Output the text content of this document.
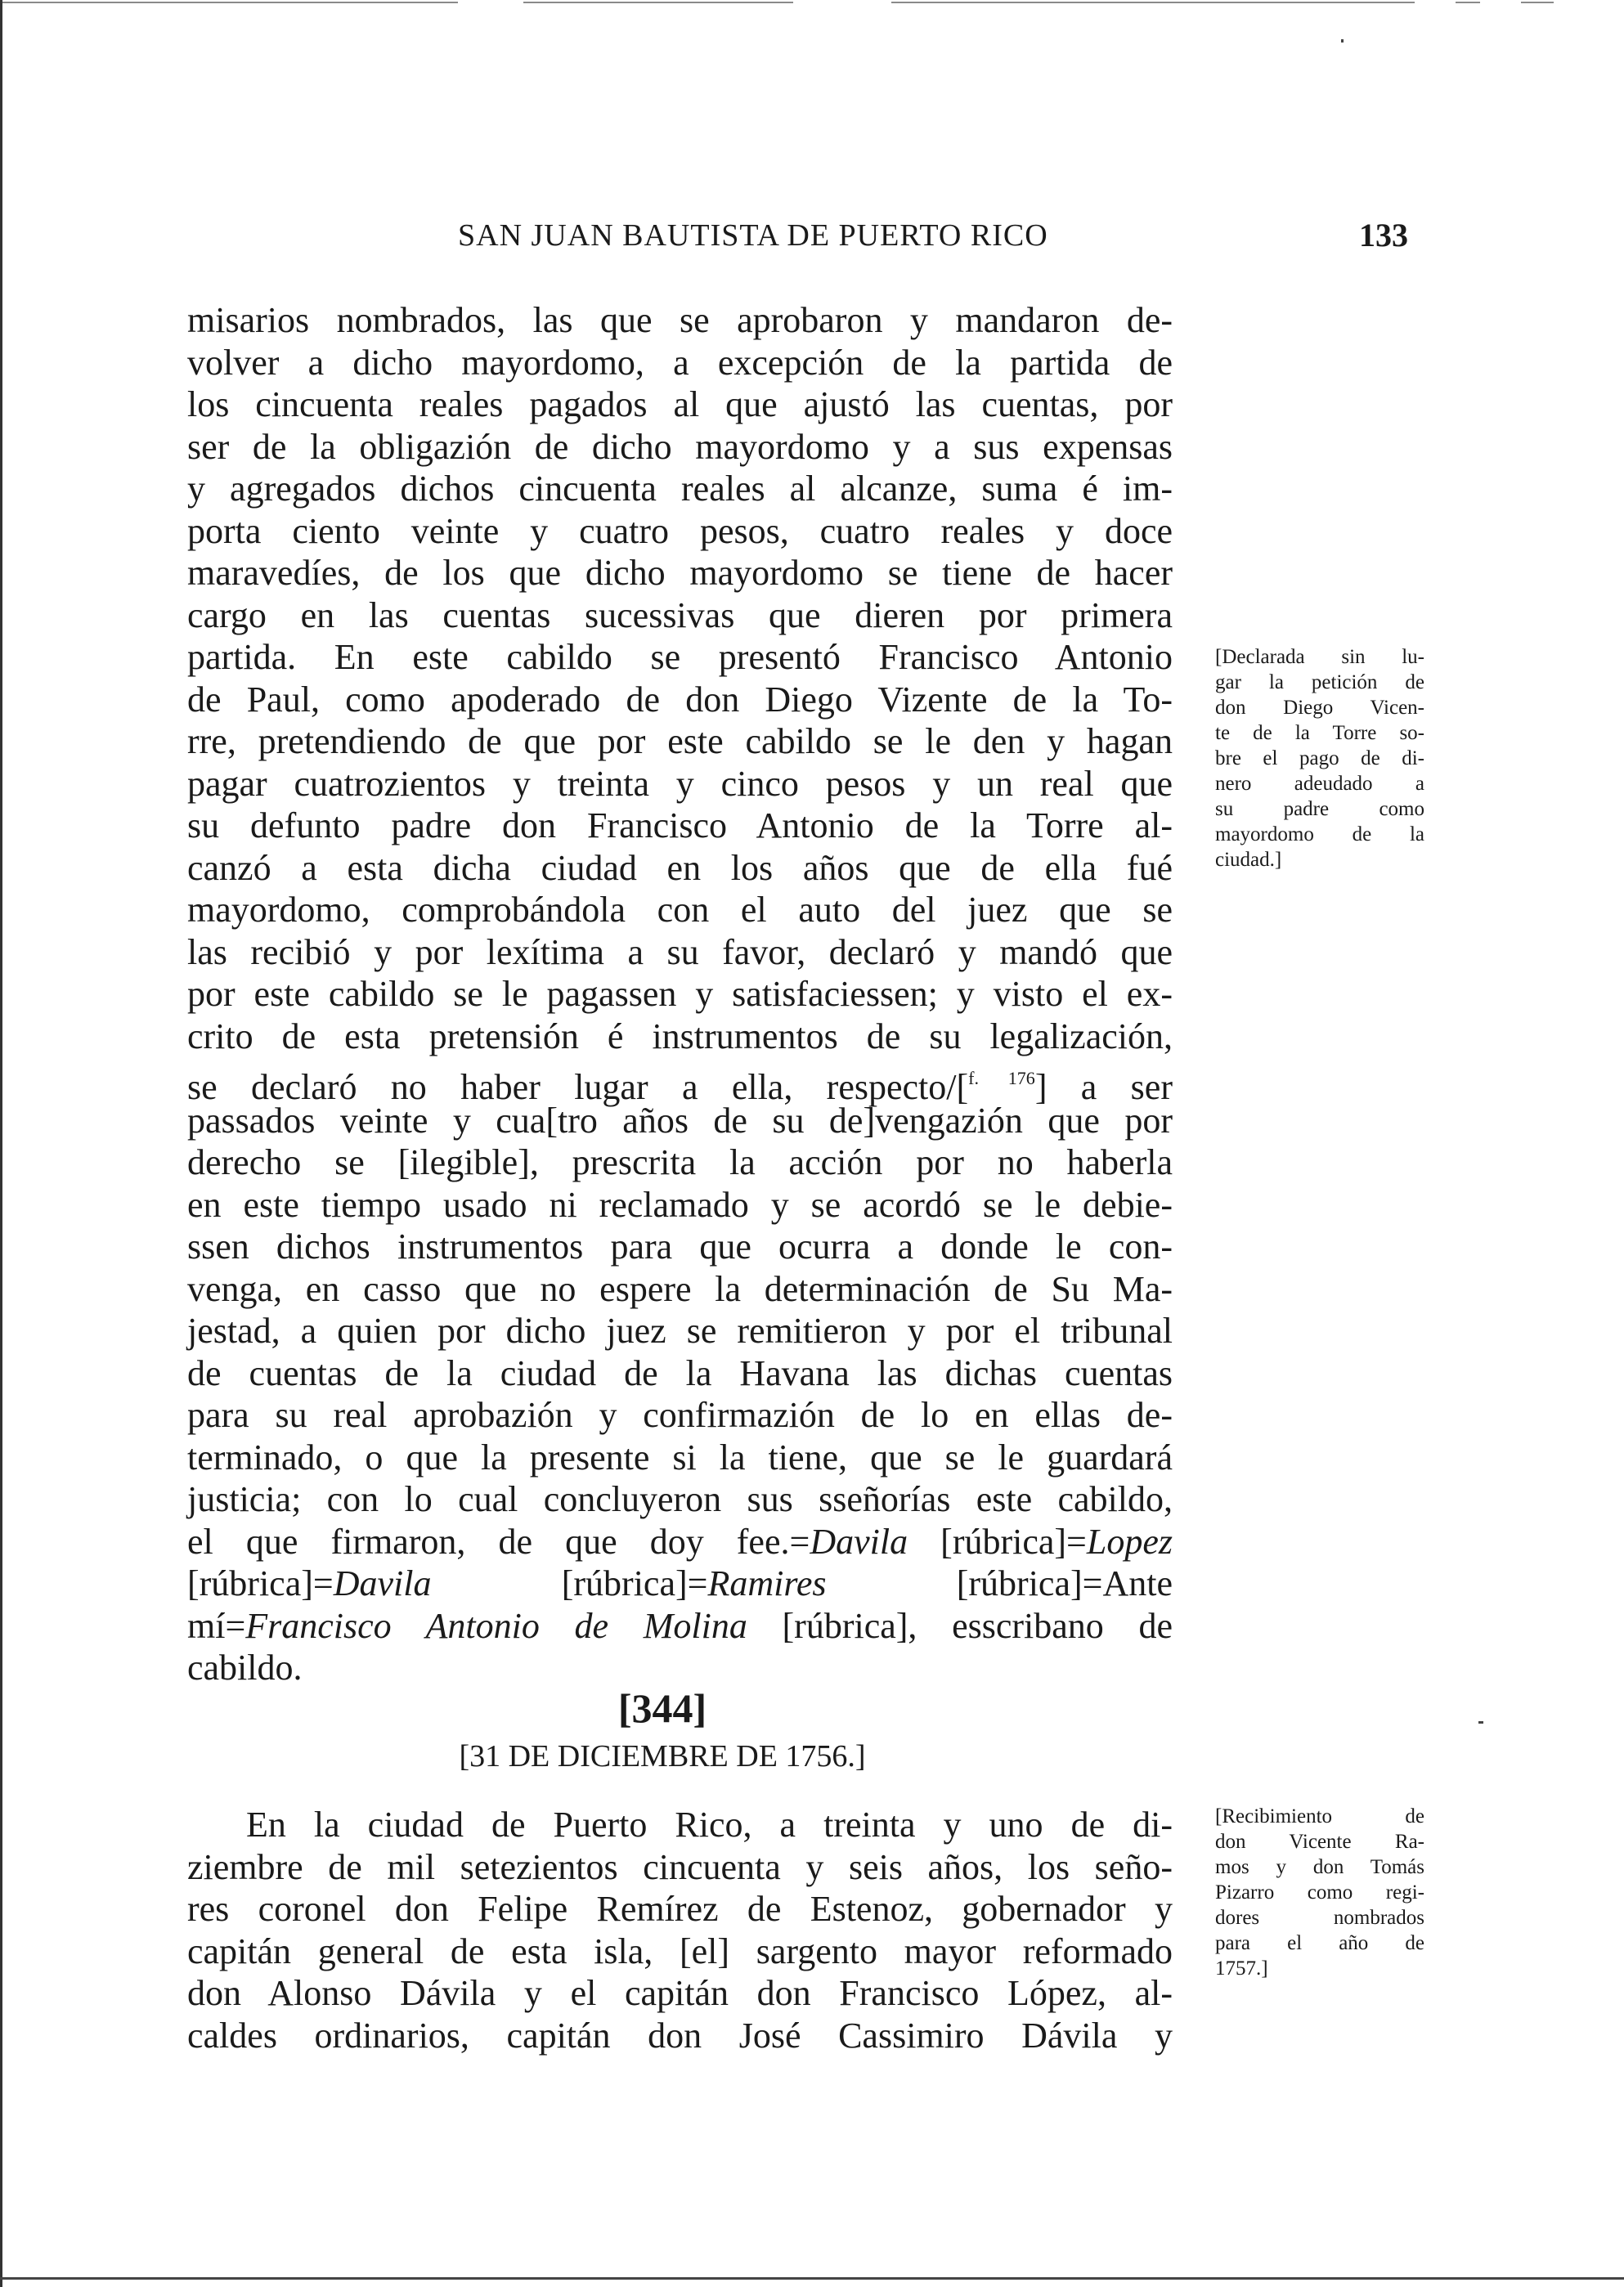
SAN JUAN BAUTISTA DE PUERTO RICO	133
misarios nombrados, las que se aprobaron y mandaron de-
volver a dicho mayordomo, a excepción de la partida de
los cincuenta reales pagados al que ajustó las cuentas, por
ser de la obligazión de dicho mayordomo y a sus expensas
y agregados dichos cincuenta reales al alcanze, suma é im-
porta ciento veinte y cuatro pesos, cuatro reales y doce
maravedíes, de los que dicho mayordomo se tiene de hacer
cargo en las cuentas sucessivas que dieren por primera
partida. En este cabildo se presentó Francisco Antonio
de Paul, como apoderado de don Diego Vizente de la To-
rre, pretendiendo de que por este cabildo se le den y hagan
pagar cuatrozientos y treinta y cinco pesos y un real que
su defunto padre don Francisco Antonio de la Torre al-
canzó a esta dicha ciudad en los años que de ella fué
mayordomo, comprobándola con el auto del juez que se
las recibió y por lexítima a su favor, declaró y mandó que
por este cabildo se le pagassen y satisfaciessen; y visto el ex-
crito de esta pretensión é instrumentos de su legalización,
se declaró no haber lugar a ella, respecto/[$^{f. 176}$] a ser
passados veinte y cua[tro años de su de]vengazión que por
derecho se [ilegible], prescrita la acción por no haberla
en este tiempo usado ni reclamado y se acordó se le debie-
ssen dichos instrumentos para que ocurra a donde le con-
venga, en casso que no espere la determinación de Su Ma-
jestad, a quien por dicho juez se remitieron y por el tribunal
de cuentas de la ciudad de la Havana las dichas cuentas
para su real aprobazión y confirmazión de lo en ellas de-
terminado, o que la presente si la tiene, que se le guardará
justicia; con lo cual concluyeron sus sseñorías este cabildo,
el que firmaron, de que doy fee.=Davila [rúbrica]=Lopez
[rúbrica]=Davila [rúbrica]=Ramires [rúbrica]=Ante
mí=Francisco Antonio de Molina [rúbrica], esscribano de
cabildo.
[344]
[31 DE DICIEMBRE DE 1756.]
En la ciudad de Puerto Rico, a treinta y uno de di-
ziembre de mil setezientos cincuenta y seis años, los seño-
res coronel don Felipe Remírez de Estenoz, gobernador y
capitán general de esta isla, [el] sargento mayor reformado
don Alonso Dávila y el capitán don Francisco López, al-
caldes ordinarios, capitán don José Cassimiro Dávila y
[Declarada sin lu-
gar la petición de
don Diego Vicen-
te de la Torre so-
bre el pago de di-
nero adeudado a
su padre como
mayordomo de la
ciudad.]
[Recibimiento de
don Vicente Ra-
mos y don Tomás
Pizarro como regi-
dores nombrados
para el año de
1757.]
